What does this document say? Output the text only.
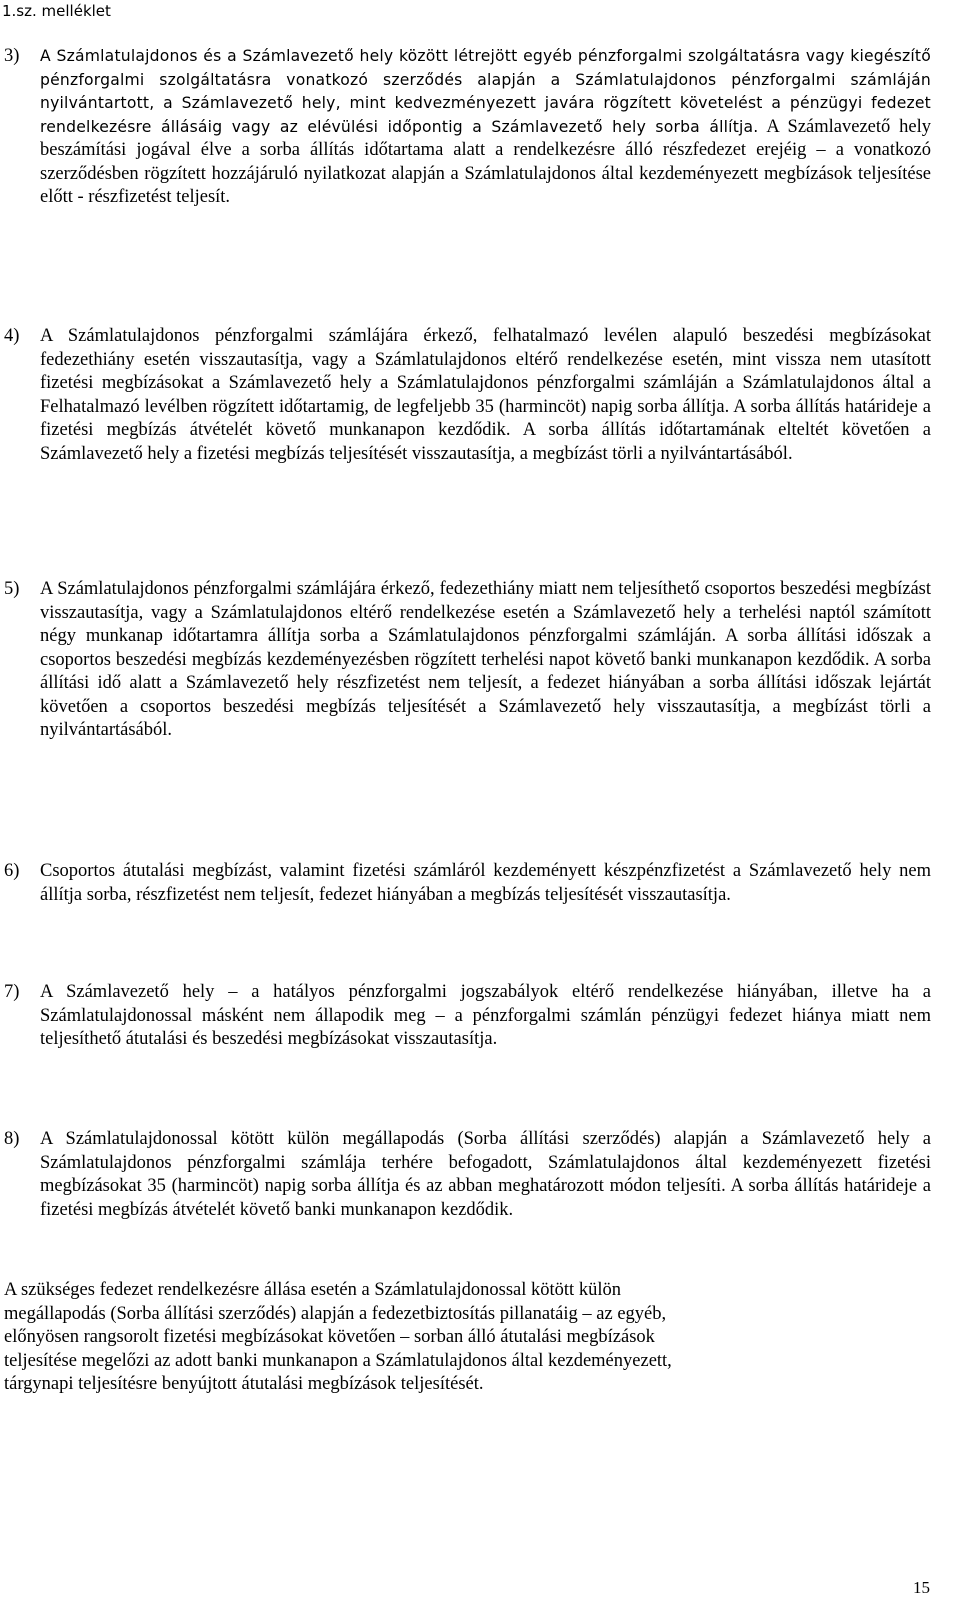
1.sz. melléklet
3) A Számlatulajdonos és a Számlavezető hely között létrejött egyéb pénzforgalmi szolgáltatásra vagy kiegészítő pénzforgalmi szolgáltatásra vonatkozó szerződés alapján a Számlatulajdonos pénzforgalmi számláján nyilvántartott, a Számlavezető hely, mint kedvezményezett javára rögzített követelést a pénzügyi fedezet rendelkezésre állásáig vagy az elévülési időpontig a Számlavezető hely sorba állítja. A Számlavezető hely beszámítási jogával élve a sorba állítás időtartama alatt a rendelkezésre álló részfedezet erejéig – a vonatkozó szerződésben rögzített hozzájáruló nyilatkozat alapján a Számlatulajdonos által kezdeményezett megbízások teljesítése előtt - részfizetést teljesít.
4) A Számlatulajdonos pénzforgalmi számlájára érkező, felhatalmazó levélen alapuló beszedési megbízásokat fedezethiány esetén visszautasítja, vagy a Számlatulajdonos eltérő rendelkezése esetén, mint vissza nem utasított fizetési megbízásokat a Számlavezető hely a Számlatulajdonos pénzforgalmi számláján a Számlatulajdonos által a Felhatalmazó levélben rögzített időtartamig, de legfeljebb 35 (harmincöt) napig sorba állítja. A sorba állítás határideje a fizetési megbízás átvételét követő munkanapon kezdődik. A sorba állítás időtartamának elteltét követően a Számlavezető hely a fizetési megbízás teljesítését visszautasítja, a megbízást törli a nyilvántartásából.
5) A Számlatulajdonos pénzforgalmi számlájára érkező, fedezethiány miatt nem teljesíthető csoportos beszedési megbízást visszautasítja, vagy a Számlatulajdonos eltérő rendelkezése esetén a Számlavezető hely a terhelési naptól számított négy munkanap időtartamra állítja sorba a Számlatulajdonos pénzforgalmi számláján. A sorba állítási időszak a csoportos beszedési megbízás kezdeményezésben rögzített terhelési napot követő banki munkanapon kezdődik. A sorba állítási idő alatt a Számlavezető hely részfizetést nem teljesít, a fedezet hiányában a sorba állítási időszak lejártát követően a csoportos beszedési megbízás teljesítését a Számlavezető hely visszautasítja, a megbízást törli a nyilvántartásából.
6) Csoportos átutalási megbízást, valamint fizetési számláról kezdeményett készpénzfizetést a Számlavezető hely nem állítja sorba, részfizetést nem teljesít, fedezet hiányában a megbízás teljesítését visszautasítja.
7) A Számlavezető hely – a hatályos pénzforgalmi jogszabályok eltérő rendelkezése hiányában, illetve ha a Számlatulajdonossal másként nem állapodik meg – a pénzforgalmi számlán pénzügyi fedezet hiánya miatt nem teljesíthető átutalási és beszedési megbízásokat visszautasítja.
8) A Számlatulajdonossal kötött külön megállapodás (Sorba állítási szerződés) alapján a Számlavezető hely a Számlatulajdonos pénzforgalmi számlája terhére befogadott, Számlatulajdonos által kezdeményezett fizetési megbízásokat 35 (harmincöt) napig sorba állítja és az abban meghatározott módon teljesíti. A sorba állítás határideje a fizetési megbízás átvételét követő banki munkanapon kezdődik.
A szükséges fedezet rendelkezésre állása esetén a Számlatulajdonossal kötött külön
megállapodás (Sorba állítási szerződés) alapján a fedezetbiztosítás pillanatáig – az egyéb,
előnyösen rangsorolt fizetési megbízásokat követően – sorban álló átutalási megbízások
teljesítése megelőzi az adott banki munkanapon a Számlatulajdonos által kezdeményezett,
tárgynapi teljesítésre benyújtott átutalási megbízások teljesítését.
15
